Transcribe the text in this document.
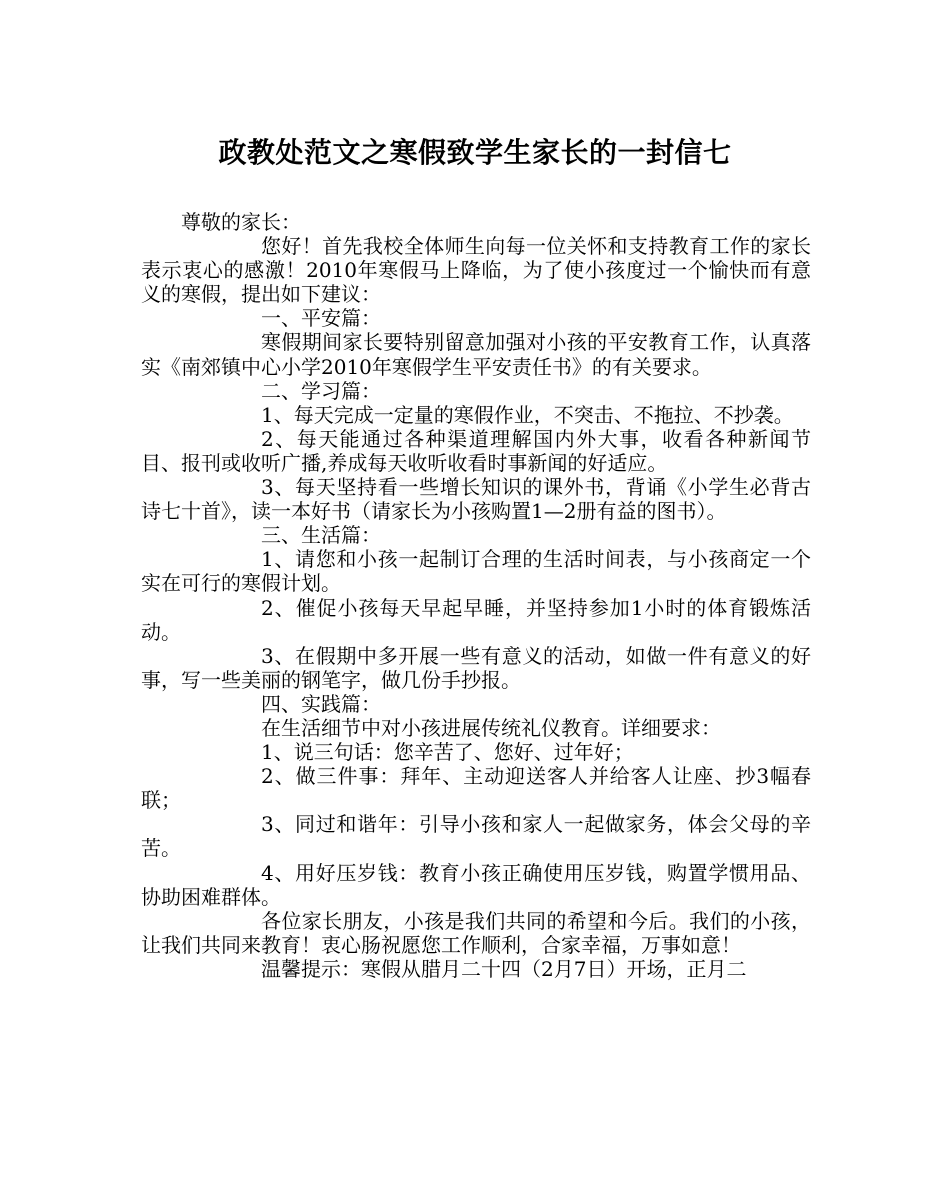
政教处范文之寒假致学生家长的一封信七

尊敬的家长：

您好！首先我校全体师生向每一位关怀和支持教育工作的家长表示衷心的感激！2010年寒假马上降临，为了使小孩度过一个愉快而有意义的寒假，提出如下建议：

一、平安篇：

寒假期间家长要特别留意加强对小孩的平安教育工作，认真落实《南郊镇中心小学2010年寒假学生平安责任书》的有关要求。

二、学习篇：

1、每天完成一定量的寒假作业，不突击、不拖拉、不抄袭。

2、每天能通过各种渠道理解国内外大事，收看各种新闻节目、报刊或收听广播,养成每天收听收看时事新闻的好适应。

3、每天坚持看一些增长知识的课外书，背诵《小学生必背古诗七十首》，读一本好书（请家长为小孩购置1—2册有益的图书）。

三、生活篇：

1、请您和小孩一起制订合理的生活时间表，与小孩商定一个实在可行的寒假计划。

2、催促小孩每天早起早睡，并坚持参加1小时的体育锻炼活动。

3、在假期中多开展一些有意义的活动，如做一件有意义的好事，写一些美丽的钢笔字，做几份手抄报。

四、实践篇：

在生活细节中对小孩进展传统礼仪教育。详细要求：

1、说三句话：您辛苦了、您好、过年好；

2、做三件事：拜年、主动迎送客人并给客人让座、抄3幅春联；

3、同过和谐年：引导小孩和家人一起做家务，体会父母的辛苦。

4、用好压岁钱：教育小孩正确使用压岁钱，购置学惯用品、协助困难群体。

各位家长朋友，小孩是我们共同的希望和今后。我们的小孩，让我们共同来教育！衷心肠祝愿您工作顺利，合家幸福，万事如意！

温馨提示：寒假从腊月二十四（2月7日）开场，正月二
